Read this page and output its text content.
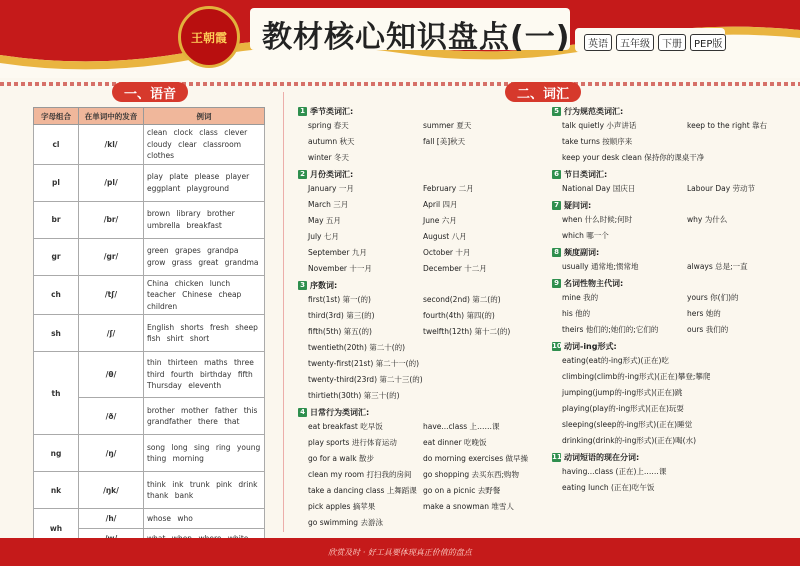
王朝霞 教材核心知识盘点(一)	英语	五年级	下册	PEP版
一、语音
字母组合	在单词中的发音	例词
cl	/kl/	clean clock class clever cloudy clear classroom clothes
pl	/pl/	play plate please player eggplant playground
br	/br/	brown library brother umbrella breakfast
gr	/gr/	green grapes grandpa grow grass great grandma
ch	/tʃ/	China chicken lunch teacher Chinese cheap children
sh	/ʃ/	English shorts fresh sheep fish shirt short
th	/θ/	thin thirteen maths three third fourth birthday fifth Thursday eleventh
	/ð/	brother mother father this grandfather there that
ng	/ŋ/	song long sing ring young thing morning
nk	/ŋk/	think ink trunk pink drink thank bank
wh	/h/	whose who

二、词汇
1 季节类词汇:
spring 春天	summer 夏天
autumn 秋天	fall [美]秋天
winter 冬天
2 月份类词汇:
January 一月	February 二月
March 三月	April 四月
May 五月	June 六月
July 七月	August 八月
September 九月	October 十月
November 十一月	December 十二月
3 序数词:
first(1st) 第一(的)	second(2nd) 第二(的)
third(3rd) 第三(的)	fourth(4th) 第四(的)
fifth(5th) 第五(的)	twelfth(12th) 第十二(的)
twentieth(20th) 第二十(的)
twenty-first(21st) 第二十一(的)
twenty-third(23rd) 第二十三(的)
thirtieth(30th) 第三十(的)
4 日常行为类词汇:
eat breakfast 吃早饭	have...class 上……课
play sports 进行体育运动	eat dinner 吃晚饭
go for a walk 散步	do morning exercises 做早操
clean my room 打扫我的房间	go shopping 去买东西;购物
take a dancing class 上舞蹈课 go on a picnic 去野餐
pick apples 摘苹果	make a snowman 堆雪人
go swimming 去游泳
5 行为规范类词汇:
talk quietly 小声讲话	keep to the right 靠右
take turns 按顺序来
keep your desk clean 保持你的课桌干净
6 节日类词汇:
National Day 国庆日	Labour Day 劳动节
7 疑问词:
when 什么时候;何时	why 为什么
which 哪一个
8 频度副词:
usually 通常地;惯常地	always 总是;一直
9 名词性物主代词:
mine 我的	yours 你(们)的
his 他的	hers 她的
theirs 他们的;她们的;它们的	ours 我们的
10 动词-ing形式:
eating(eat的-ing形式)(正在)吃
climbing(climb的-ing形式)(正在)攀登;攀爬
jumping(jump的-ing形式)(正在)跳
playing(play的-ing形式)(正在)玩耍
sleeping(sleep的-ing形式)(正在)睡觉
drinking(drink的-ing形式)(正在)喝(水)
11 动词短语的现在分词:
having...class (正在)上……课
eating lunch (正在)吃午饭
欣赏及时 · 好工具要体现真正价值的盘点
